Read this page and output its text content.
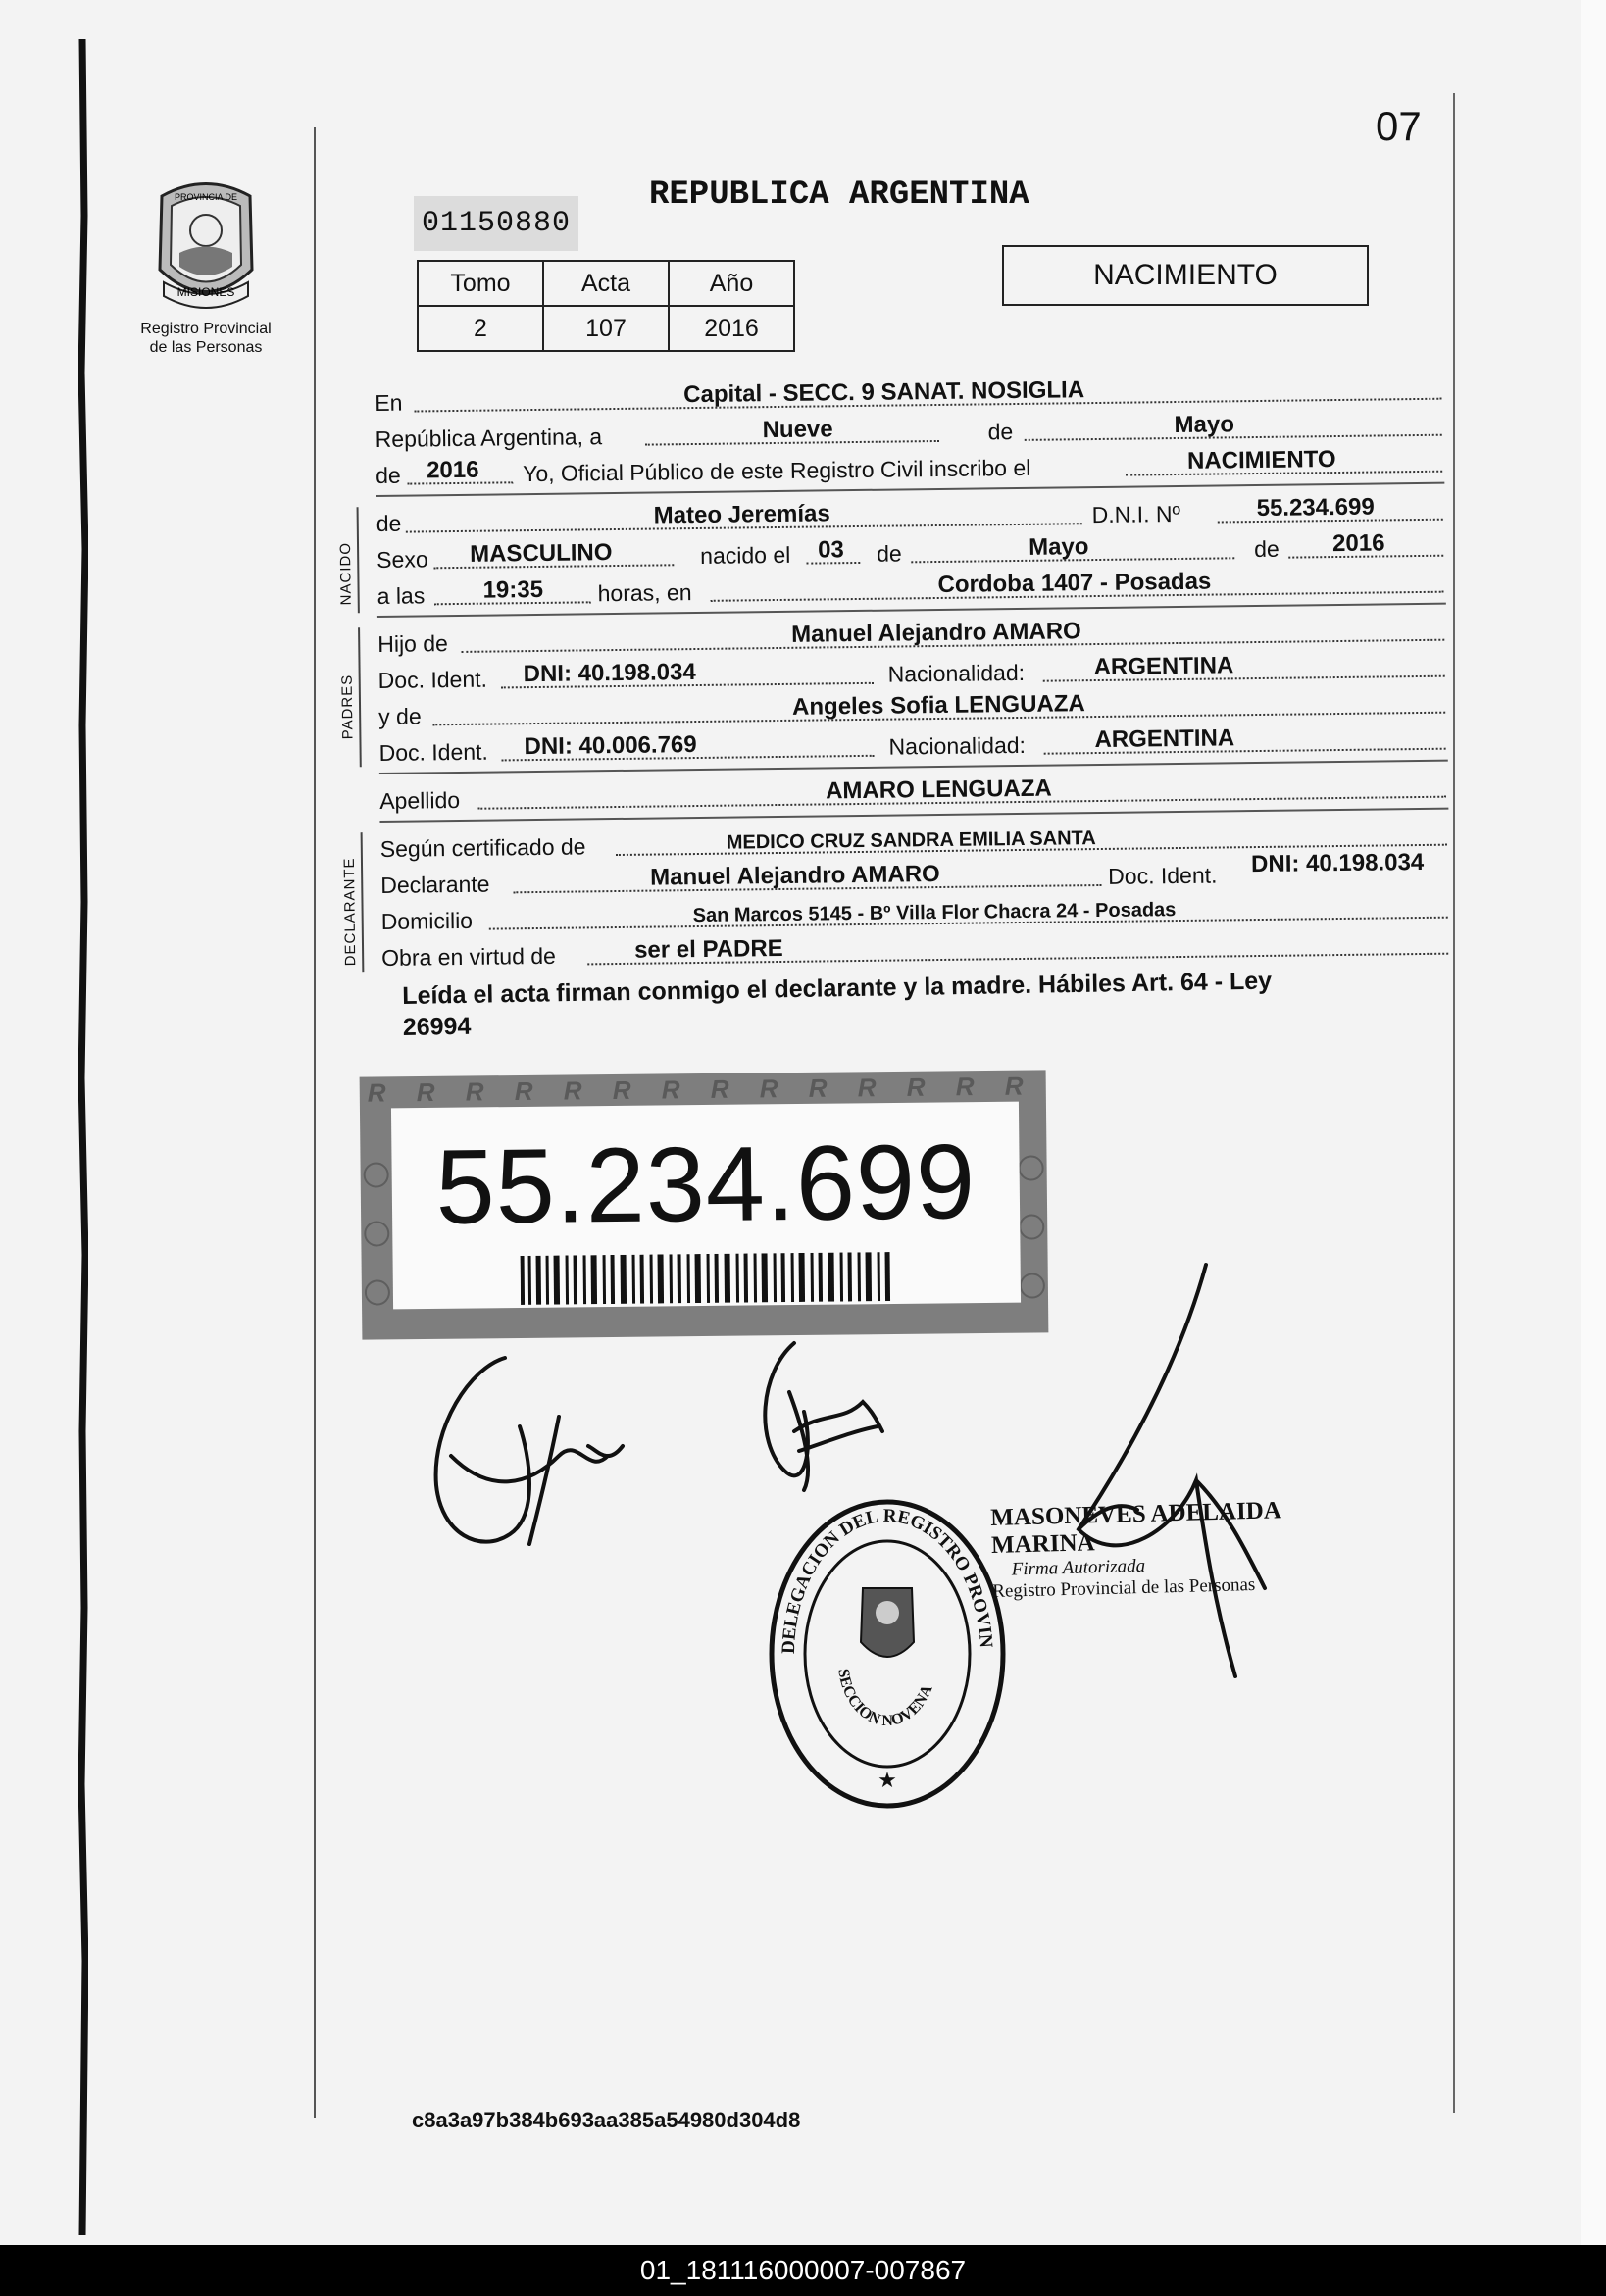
07
MISIONES
PROVINCIA DE
Registro Provincial
de las Personas
01150880
REPUBLICA ARGENTINA
Tomo	Acta	Año
2	107	2016
NACIMIENTO
En	Capital - SECC. 9 SANAT. NOSIGLIA
República Argentina, a	Nueve	de	Mayo
de 2016 Yo, Oficial Público de este Registro Civil inscribo el	NACIMIENTO
NACIDO
de	Mateo Jeremías	D.N.I. Nº	55.234.699
Sexo MASCULINO	nacido el 03 de	Mayo	de 2016
a las 19:35 horas, en	Cordoba 1407 - Posadas
PADRES
Hijo de	Manuel Alejandro AMARO
Doc. Ident. DNI: 40.198.034	Nacionalidad:	ARGENTINA
y de	Angeles Sofia LENGUAZA
Doc. Ident. DNI: 40.006.769	Nacionalidad:	ARGENTINA
Apellido	AMARO LENGUAZA
DECLARANTE
Según certificado de	MEDICO CRUZ SANDRA EMILIA SANTA
Declarante	Manuel Alejandro AMARO	Doc. Ident. DNI: 40.198.034
Domicilio	San Marcos 5145 - Bº Villa Flor Chacra 24 - Posadas
Obra en virtud de	ser el PADRE
Leída el acta firman conmigo el declarante y la madre. Hábiles Art. 64 - Ley
26994
R R R R R R R R R R R R R R
55.234.699
DELEGACION DEL REGISTRO PROVIN
SECCION NOVENA
★
MASONEVES ADELAIDA MARINA
Firma Autorizada
Registro Provincial de las Personas
c8a3a97b384b693aa385a54980d304d8
01_181116000007-007867
